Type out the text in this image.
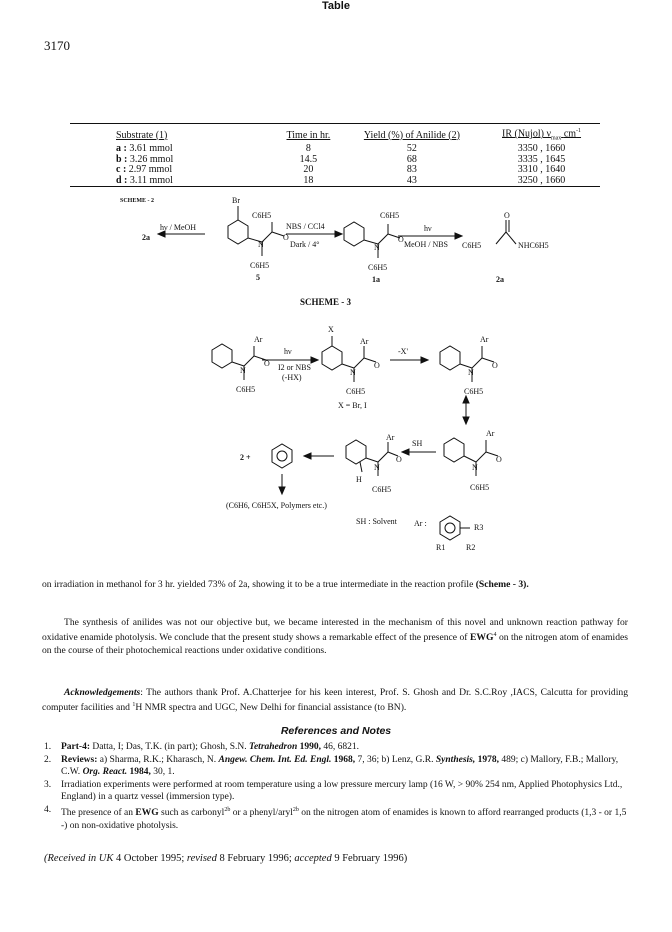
3170
Table
Substrate (1)	Time in hr.	Yield (%) of Anilide (2)	IR (Nujol) $\nu_{max}$ $cm^{-1}$
a : 3.61 mmol	8	52	3350 , 1660
b : 3.26 mmol	14.5	68	3335 , 1645
c : 2.97 mmol	20	83	3310 , 1640
d : 3.11 mmol	18	43	3250 , 1660
SCHEME - 2
2a
hν / MeOH
Br
C6H5
NBS / CCl4
Dark / 4°
N
O
C6H5
5
C6H5
N
O
C6H5
1a
hν
MeOH / NBS C6H5
O
NHC6H5
2a
SCHEME - 3
Ar
N
O
C6H5
hν
I2 or NBS
(-HX)
X
Ar
N
O
C6H5
X = Br, I
-X'
Ar
N
O
C6H5
Ar
N
O
C6H5
SH
Ar
N
O
H
C6H5
2 +
(C6H6, C6H5X, Polymers etc.)
SH : Solvent Ar :	R3
R1	R2
on irradiation in methanol for 3 hr. yielded 73% of 2a, showing it to be a true intermediate in the reaction profile (Scheme - 3).
The synthesis of anilides was not our objective but, we became interested in the mechanism of this novel and unknown reaction pathway for oxidative enamide photolysis. We conclude that the present study shows a remarkable effect of the presence of EWG$^4$ on the nitrogen atom of enamides on the course of their photochemical reactions under oxidative conditions.
Acknowledgements: The authors thank Prof. A.Chatterjee for his keen interest, Prof. S. Ghosh and Dr. S.C.Roy ,IACS, Calcutta for providing computer facilities and $^1$H NMR spectra and UGC, New Delhi for financial assistance (to BN).
References and Notes
1. Part-4: Datta, I; Das, T.K. (in part); Ghosh, S.N. Tetrahedron 1990, 46, 6821.
2. Reviews: a) Sharma, R.K.; Kharasch, N. Angew. Chem. Int. Ed. Engl. 1968, 7, 36; b) Lenz, G.R. Synthesis, 1978, 489; c) Mallory, F.B.; Mallory, C.W. Org. React. 1984, 30, 1.
3. Irradiation experiments were performed at room temperature using a low pressure mercury lamp (16 W, > 90% 254 nm, Applied Photophysics Ltd., England) in a quartz vessel (immersion type).
4. The presence of an EWG such as carbonyl$^{2b}$ or a phenyl/aryl$^{2b}$ on the nitrogen atom of enamides is known to afford rearranged products (1,3 - or 1,5 -) on non-oxidative photolysis.
(Received in UK 4 October 1995; revised 8 February 1996; accepted 9 February 1996)
